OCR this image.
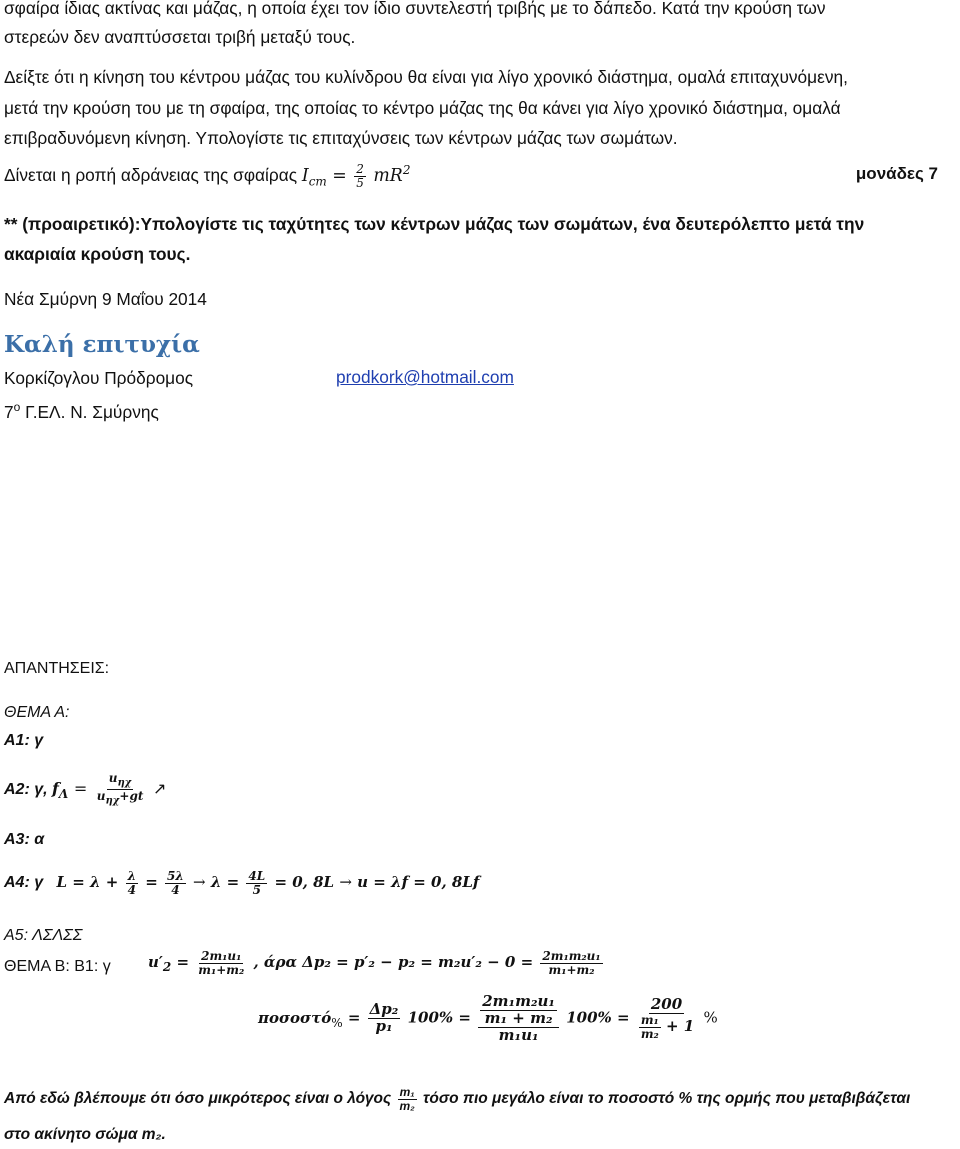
σφαίρα ίδιας ακτίνας και μάζας, η οποία έχει τον ίδιο συντελεστή τριβής με το δάπεδο. Κατά την κρούση των
στερεών δεν αναπτύσσεται τριβή μεταξύ τους.
Δείξτε ότι η κίνηση του κέντρου μάζας του κυλίνδρου θα είναι για λίγο χρονικό διάστημα, ομαλά επιταχυνόμενη,
μετά την κρούση του με τη σφαίρα, της οποίας το κέντρο μάζας της θα κάνει για λίγο χρονικό διάστημα, ομαλά
επιβραδυνόμενη κίνηση. Υπολογίστε τις επιταχύνσεις των κέντρων μάζας των σωμάτων.
Δίνεται η ροπή αδράνειας της σφαίρας $I_{cm} = \frac{2}{5} mR^2$	μονάδες 7
** (προαιρετικό):Υπολογίστε τις ταχύτητες των κέντρων μάζας των σωμάτων, ένα δευτερόλεπτο μετά την
ακαριαία κρούση τους.
Νέα Σμύρνη 9 Μαΐου 2014
Καλή επιτυχία
Κορκίζογλου Πρόδρομος	prodkork@hotmail.com
$7^o$ Γ.ΕΛ. Ν. Σμύρνης
ΑΠΑΝΤΗΣΕΙΣ:
ΘΕΜΑ Α:
Α1: γ
Α2: γ, $f_\Lambda = \frac{u_{\eta\chi}}{u_{\eta\chi}+gt}$ ↗
Α3: α
Α4: γ $L = \lambda + \frac{\lambda}{4} = \frac{5\lambda}{4} \to \lambda = \frac{4L}{5} = 0$, 8L → u = λf = 0, 8Lf
Α5: ΛΣΛΣΣ
ΘΕΜΑ Β: Β1: γ $u'_2 = \frac{\text{2m₁u₁}}{\text{m₁+m₂}}$ , άρα $\Delta p_2 = p'_2 - p_2 = m_2u'_2 - 0 = \frac{\text{2m₁m₂u₁}}{\text{m₁+m₂}}$
$\pi o\sigma o\sigma\tau ό_{\%} = \frac{\text{Δp₂}}{\text{p₁}} 100\% = \frac{\frac{\text{2m₁m₂u₁}}{\text{m₁ + m₂}}}{\text{m₁u₁}} 100\% = \frac{200}{\frac{\text{m₁}}{\text{m₂}} + 1}$ %
Από εδώ βλέπουμε ότι όσο μικρότερος είναι ο λόγος $\frac{\text{m₁}}{\text{m₂}}$ τόσο πιο μεγάλο είναι το ποσοστό % της ορμής που μεταβιβάζεται
στο ακίνητο σώμα m₂.
